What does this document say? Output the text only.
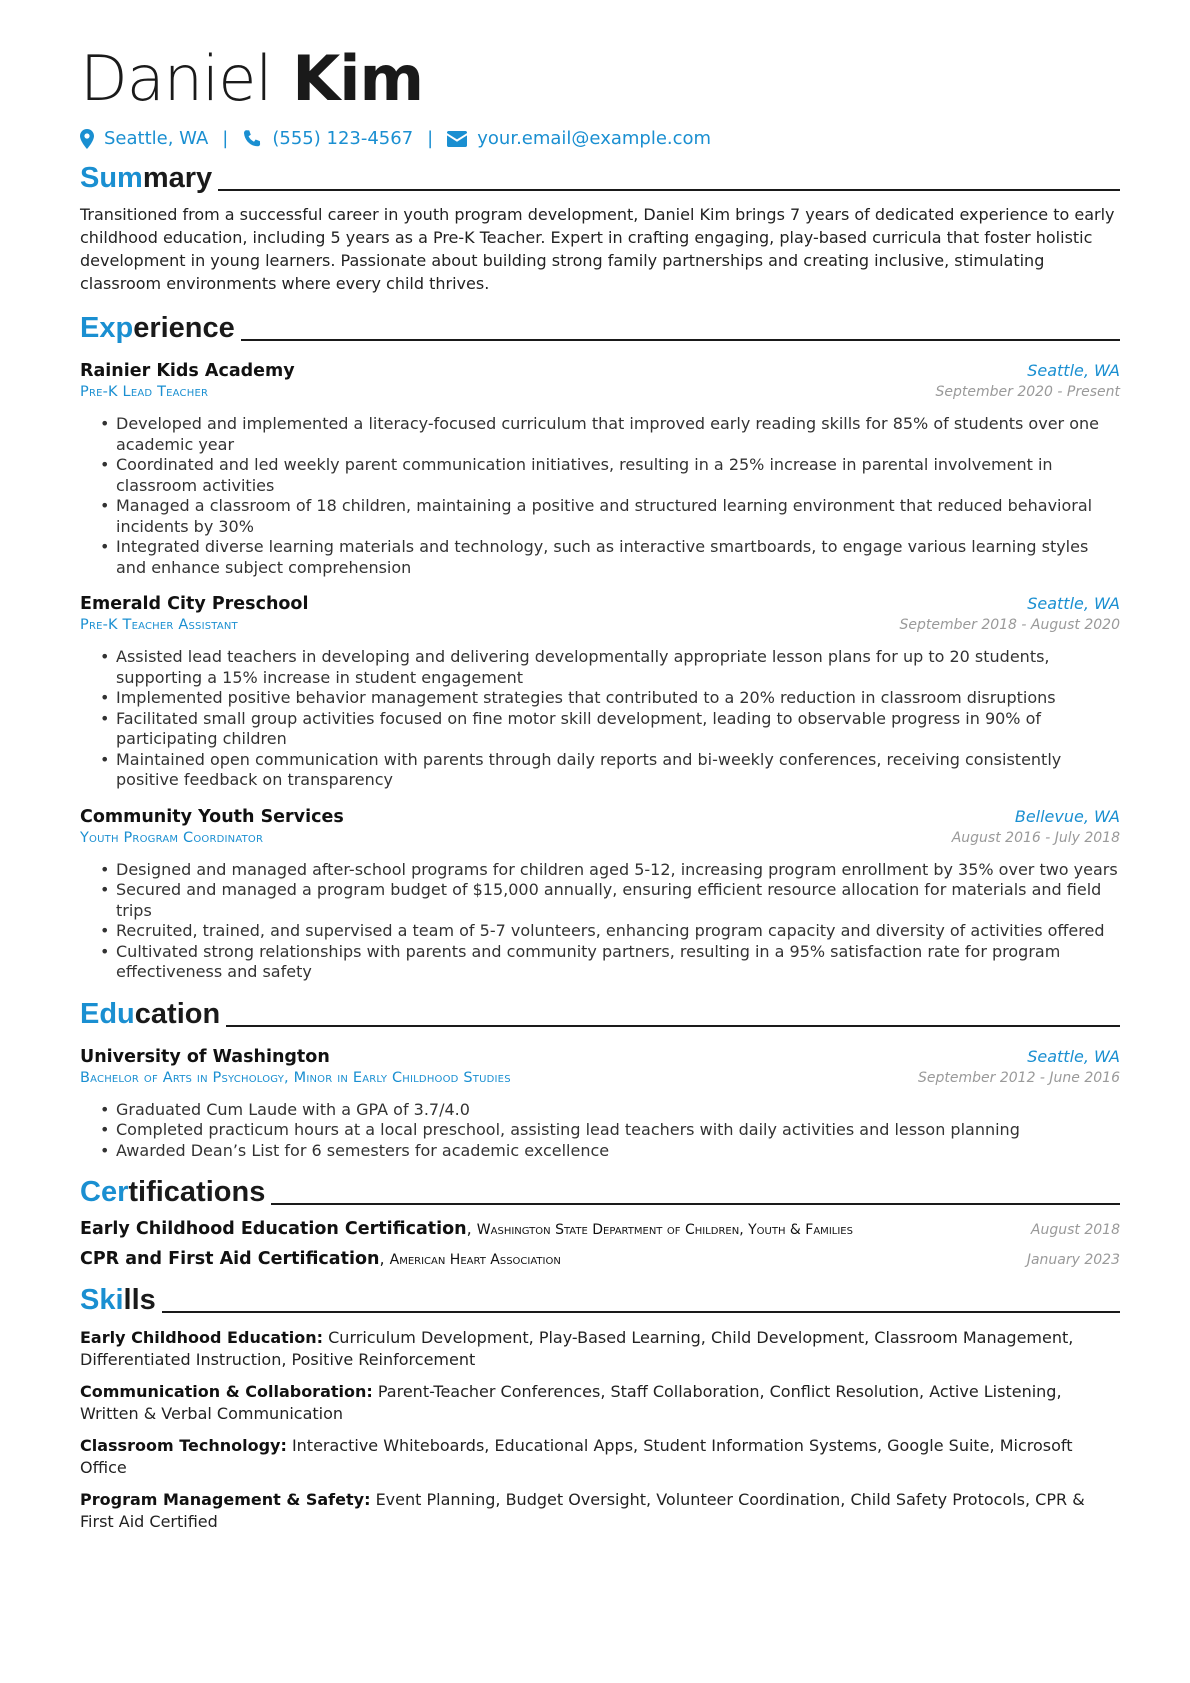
Daniel Kim
Seattle, WA | (555) 123-4567 | your.email@example.com
Summary
Transitioned from a successful career in youth program development, Daniel Kim brings 7 years of dedicated experience to early childhood education, including 5 years as a Pre-K Teacher. Expert in crafting engaging, play-based curricula that foster holistic development in young learners. Passionate about building strong family partnerships and creating inclusive, stimulating classroom environments where every child thrives.
Experience
Rainier Kids Academy	Seattle, WA
Pre-K Lead Teacher	September 2020 - Present
• Developed and implemented a literacy-focused curriculum that improved early reading skills for 85% of students over one academic year
• Coordinated and led weekly parent communication initiatives, resulting in a 25% increase in parental involvement in classroom activities
• Managed a classroom of 18 children, maintaining a positive and structured learning environment that reduced behavioral incidents by 30%
• Integrated diverse learning materials and technology, such as interactive smartboards, to engage various learning styles and enhance subject comprehension
Emerald City Preschool	Seattle, WA
Pre-K Teacher Assistant	September 2018 - August 2020
• Assisted lead teachers in developing and delivering developmentally appropriate lesson plans for up to 20 students, supporting a 15% increase in student engagement
• Implemented positive behavior management strategies that contributed to a 20% reduction in classroom disruptions
• Facilitated small group activities focused on fine motor skill development, leading to observable progress in 90% of participating children
• Maintained open communication with parents through daily reports and bi-weekly conferences, receiving consistently positive feedback on transparency
Community Youth Services	Bellevue, WA
Youth Program Coordinator	August 2016 - July 2018
• Designed and managed after-school programs for children aged 5-12, increasing program enrollment by 35% over two years
• Secured and managed a program budget of $15,000 annually, ensuring efficient resource allocation for materials and field trips
• Recruited, trained, and supervised a team of 5-7 volunteers, enhancing program capacity and diversity of activities offered
• Cultivated strong relationships with parents and community partners, resulting in a 95% satisfaction rate for program effectiveness and safety
Education
University of Washington	Seattle, WA
Bachelor of Arts in Psychology, Minor in Early Childhood Studies	September 2012 - June 2016
• Graduated Cum Laude with a GPA of 3.7/4.0
• Completed practicum hours at a local preschool, assisting lead teachers with daily activities and lesson planning
• Awarded Dean’s List for 6 semesters for academic excellence
Certifications
Early Childhood Education Certification, Washington State Department of Children, Youth & Families	August 2018
CPR and First Aid Certification, American Heart Association	January 2023
Skills
Early Childhood Education: Curriculum Development, Play-Based Learning, Child Development, Classroom Management, Differentiated Instruction, Positive Reinforcement
Communication & Collaboration: Parent-Teacher Conferences, Staff Collaboration, Conflict Resolution, Active Listening, Written & Verbal Communication
Classroom Technology: Interactive Whiteboards, Educational Apps, Student Information Systems, Google Suite, Microsoft Office
Program Management & Safety: Event Planning, Budget Oversight, Volunteer Coordination, Child Safety Protocols, CPR & First Aid Certified
